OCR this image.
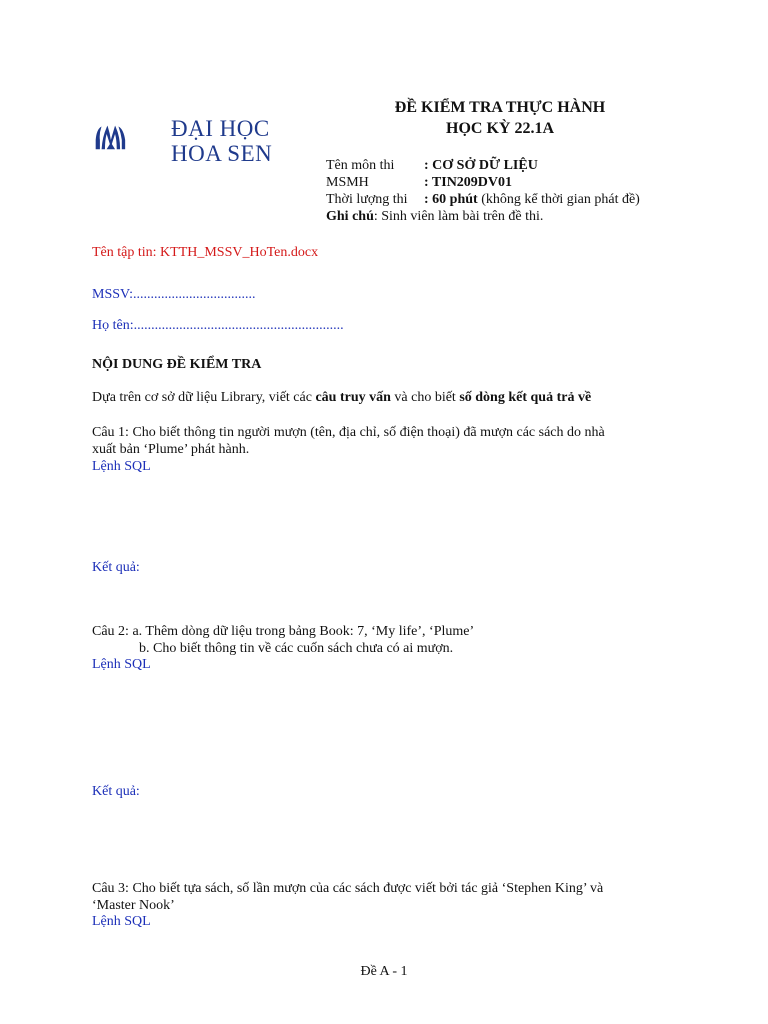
ĐẠI HỌC
HOA SEN
ĐỀ KIỂM TRA THỰC HÀNH
HỌC KỲ 22.1A
Tên môn thi : CƠ SỞ DỮ LIỆU
MSMH	: TIN209DV01
Thời lượng thi : 60 phút (không kể thời gian phát đề)
Ghi chú: Sinh viên làm bài trên đề thi.
Tên tập tin: KTTH_MSSV_HoTen.docx
MSSV:...................................
Họ tên:............................................................
NỘI DUNG ĐỀ KIỂM TRA
Dựa trên cơ sở dữ liệu Library, viết các câu truy vấn và cho biết số dòng kết quả trả về
Câu 1: Cho biết thông tin người mượn (tên, địa chỉ, số điện thoại) đã mượn các sách do nhà
xuất bản ‘Plume’ phát hành.
Lệnh SQL
Kết quả:
Câu 2: a. Thêm dòng dữ liệu trong bảng Book: 7, ‘My life’, ‘Plume’
b. Cho biết thông tin về các cuốn sách chưa có ai mượn.
Lệnh SQL
Kết quả:
Câu 3: Cho biết tựa sách, số lần mượn của các sách được viết bởi tác giả ‘Stephen King’ và
‘Master Nook’
Lệnh SQL
Đề A - 1
